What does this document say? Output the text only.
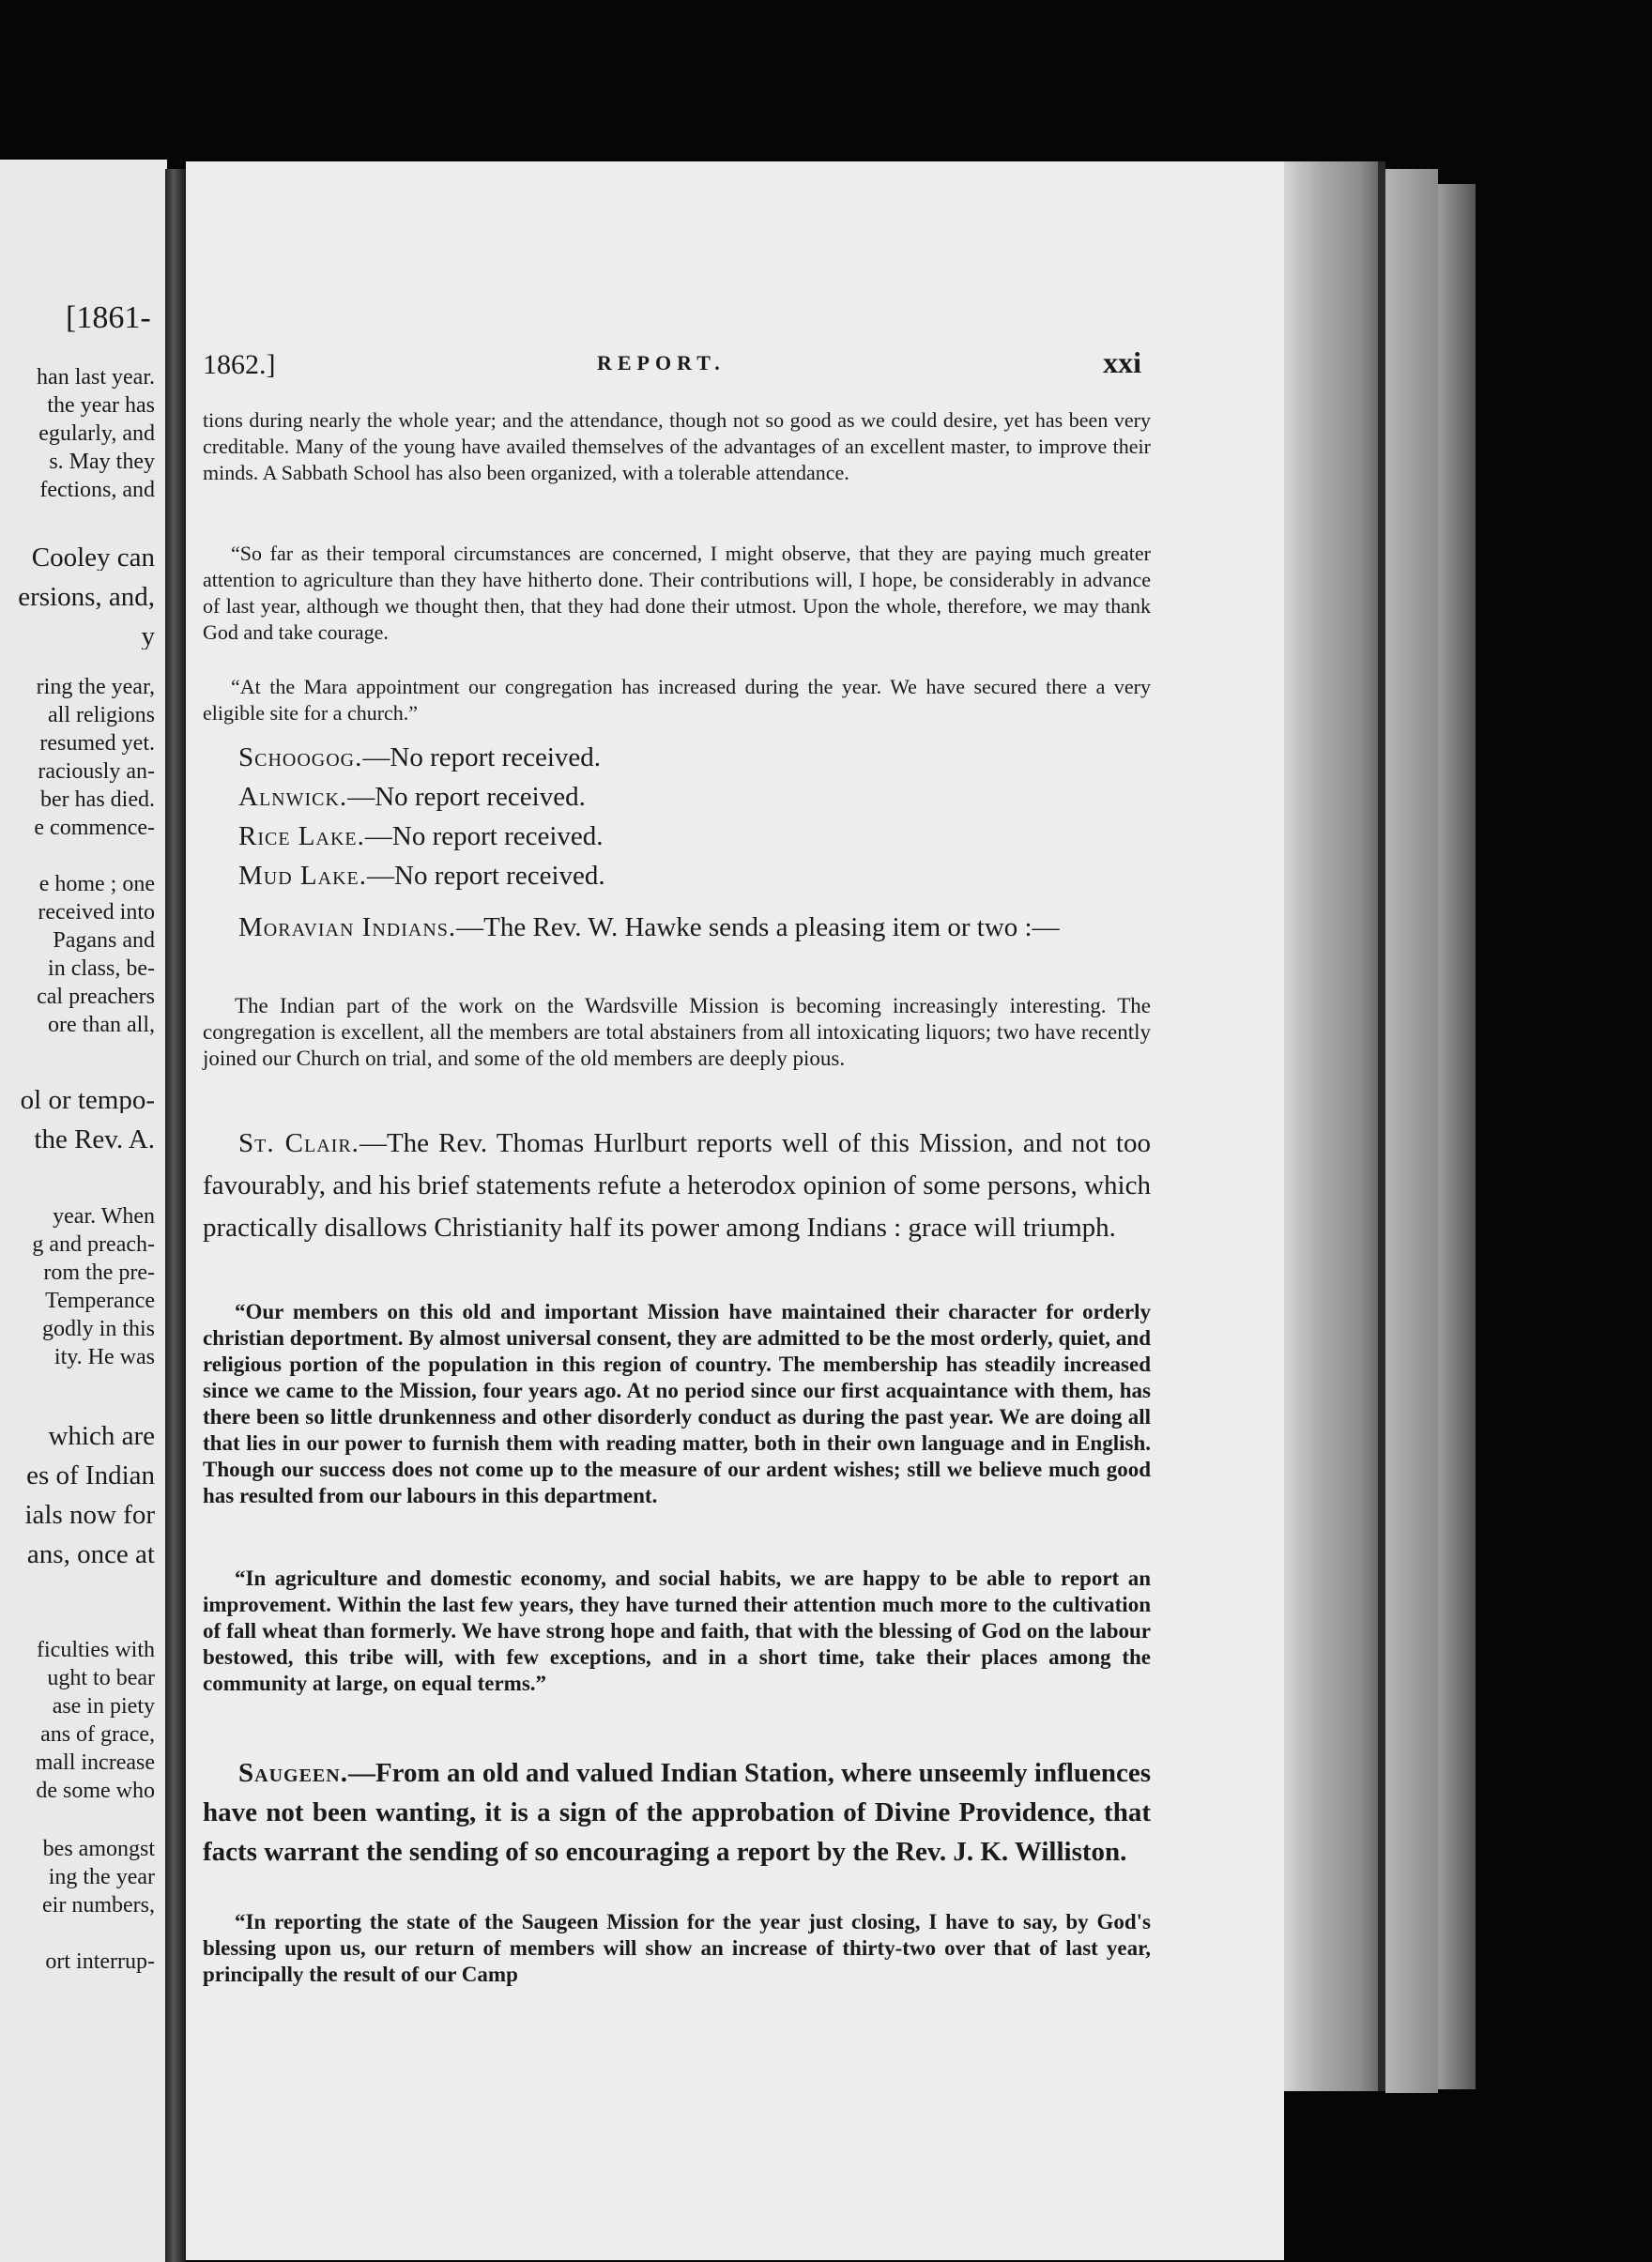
[1861-
han last year.
the year has
egularly, and
s. May they
fections, and
Cooley can
ersions, and,
y
ring the year,
all religions
resumed yet.
raciously an-
ber has died.
e commence-
e home ; one
received into
Pagans and
in class, be-
cal preachers
ore than all,
ol or tempo-
the Rev. A.
year. When
g and preach-
rom the pre-
Temperance
godly in this
ity. He was
which are
es of Indian
ials now for
ans, once at
ficulties with
ught to bear
ase in piety
ans of grace,
mall increase
de some who
bes amongst
ing the year
eir numbers,
ort interrup-
1862.]	REPORT.	xxi
tions during nearly the whole year; and the attendance, though not so good as we could desire, yet has been very creditable. Many of the young have availed themselves of the advantages of an excellent master, to improve their minds. A Sabbath School has also been organized, with a tolerable attendance.
“So far as their temporal circumstances are concerned, I might observe, that they are paying much greater attention to agriculture than they have hitherto done. Their contributions will, I hope, be considerably in advance of last year, although we thought then, that they had done their utmost. Upon the whole, therefore, we may thank God and take courage.
“At the Mara appointment our congregation has increased during the year. We have secured there a very eligible site for a church.”
Schoogog.—No report received.
Alnwick.—No report received.
Rice Lake.—No report received.
Mud Lake.—No report received.
Moravian Indians.—The Rev. W. Hawke sends a pleasing item or two :—
The Indian part of the work on the Wardsville Mission is becoming increasingly interesting. The congregation is excellent, all the members are total abstainers from all intoxicating liquors; two have recently joined our Church on trial, and some of the old members are deeply pious.
St. Clair.—The Rev. Thomas Hurlburt reports well of this Mission, and not too favourably, and his brief statements refute a heterodox opinion of some persons, which practically disallows Christianity half its power among Indians : grace will triumph.
“Our members on this old and important Mission have maintained their character for orderly christian deportment. By almost universal consent, they are admitted to be the most orderly, quiet, and religious portion of the population in this region of country. The membership has steadily increased since we came to the Mission, four years ago. At no period since our first acquaintance with them, has there been so little drunkenness and other disorderly conduct as during the past year. We are doing all that lies in our power to furnish them with reading matter, both in their own language and in English. Though our success does not come up to the measure of our ardent wishes; still we believe much good has resulted from our labours in this department.
“In agriculture and domestic economy, and social habits, we are happy to be able to report an improvement. Within the last few years, they have turned their attention much more to the cultivation of fall wheat than formerly. We have strong hope and faith, that with the blessing of God on the labour bestowed, this tribe will, with few exceptions, and in a short time, take their places among the community at large, on equal terms.”
Saugeen.—From an old and valued Indian Station, where unseemly influences have not been wanting, it is a sign of the approbation of Divine Providence, that facts warrant the sending of so encouraging a report by the Rev. J. K. Williston.
“In reporting the state of the Saugeen Mission for the year just closing, I have to say, by God's blessing upon us, our return of members will show an increase of thirty-two over that of last year, principally the result of our Camp
